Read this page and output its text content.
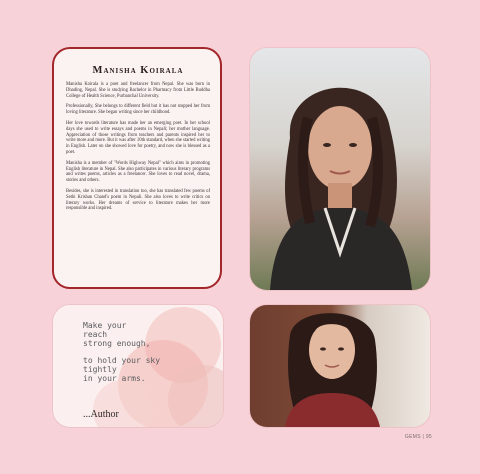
Manisha Koirala

Manisha Koirala is a poet and freelancer from Nepal. She was born in Dhading, Nepal. She is studying Bachelor in Pharmacy from Little Buddha College of Health Science, Purbanchal University.

Professionally, She belongs to different field but it has not stopped her from loving literature. She began writing since her childhood.

Her love towards literature has made her an emerging poet. In her school days she used to write essays and poems in Nepali; her mother language. Appreciation of those writings from teachers and parents inspired her to write more and more. But it was after 10th standard, when she started writing in English. Later on she showed love for poetry, and now she is blessed as a poet.

Manisha is a member of "Words Highway Nepal" which aims in promoting English literature in Nepal. She also participates in various literary programs and writes poems, articles as a freelancer. She loves to read novel, drama, stories and others.

Besides, she is interested in translation too, she has translated few poems of Sethi Krishan Chand's poem in Nepali. She also loves to write critics on literary works. Her dreams of service to literature makes her more responsible and inspired.

Make your
reach
strong enough,
to hold your sky
tightly
in your arms.
...Author
GEMS | 95
